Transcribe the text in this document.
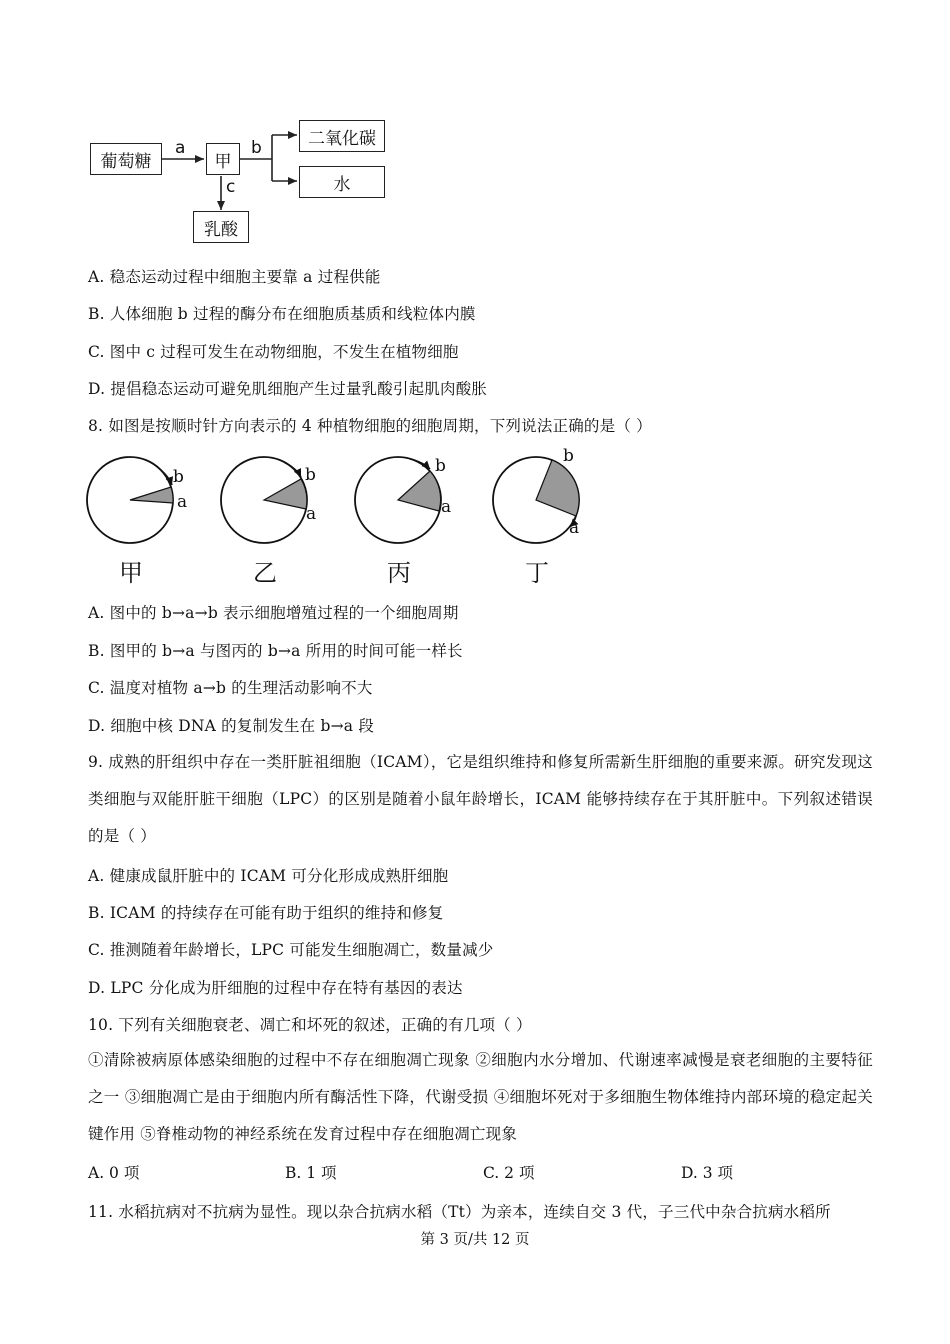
葡萄糖	甲
二氧化碳
水
乳酸
a	b
c
A. 稳态运动过程中细胞主要靠 a 过程供能
B. 人体细胞 b 过程的酶分布在细胞质基质和线粒体内膜
C. 图中 c 过程可发生在动物细胞，不发生在植物细胞
D. 提倡稳态运动可避免肌细胞产生过量乳酸引起肌肉酸胀
8. 如图是按顺时针方向表示的 4 种植物细胞的细胞周期，下列说法正确的是（ ）
b
a
b
a
b
a
b
a
甲	乙	丙	丁
A. 图中的 b→a→b 表示细胞增殖过程的一个细胞周期
B. 图甲的 b→a 与图丙的 b→a 所用的时间可能一样长
C. 温度对植物 a→b 的生理活动影响不大
D. 细胞中核 DNA 的复制发生在 b→a 段
9. 成熟的肝组织中存在一类肝脏祖细胞（ICAM），它是组织维持和修复所需新生肝细胞的重要来源。研究发现这类细胞与双能肝脏干细胞（LPC）的区别是随着小鼠年龄增长，ICAM 能够持续存在于其肝脏中。下列叙述错误的是（ ）
A. 健康成鼠肝脏中的 ICAM 可分化形成成熟肝细胞
B. ICAM 的持续存在可能有助于组织的维持和修复
C. 推测随着年龄增长，LPC 可能发生细胞凋亡，数量减少
D. LPC 分化成为肝细胞的过程中存在特有基因的表达
10. 下列有关细胞衰老、凋亡和坏死的叙述，正确的有几项（ ）
①清除被病原体感染细胞的过程中不存在细胞凋亡现象 ②细胞内水分增加、代谢速率减慢是衰老细胞的主要特征之一 ③细胞凋亡是由于细胞内所有酶活性下降，代谢受损 ④细胞坏死对于多细胞生物体维持内部环境的稳定起关键作用 ⑤脊椎动物的神经系统在发育过程中存在细胞凋亡现象
A. 0 项	B. 1 项	C. 2 项	D. 3 项
11. 水稻抗病对不抗病为显性。现以杂合抗病水稻（Tt）为亲本，连续自交 3 代，子三代中杂合抗病水稻所
第 3 页/共 12 页
